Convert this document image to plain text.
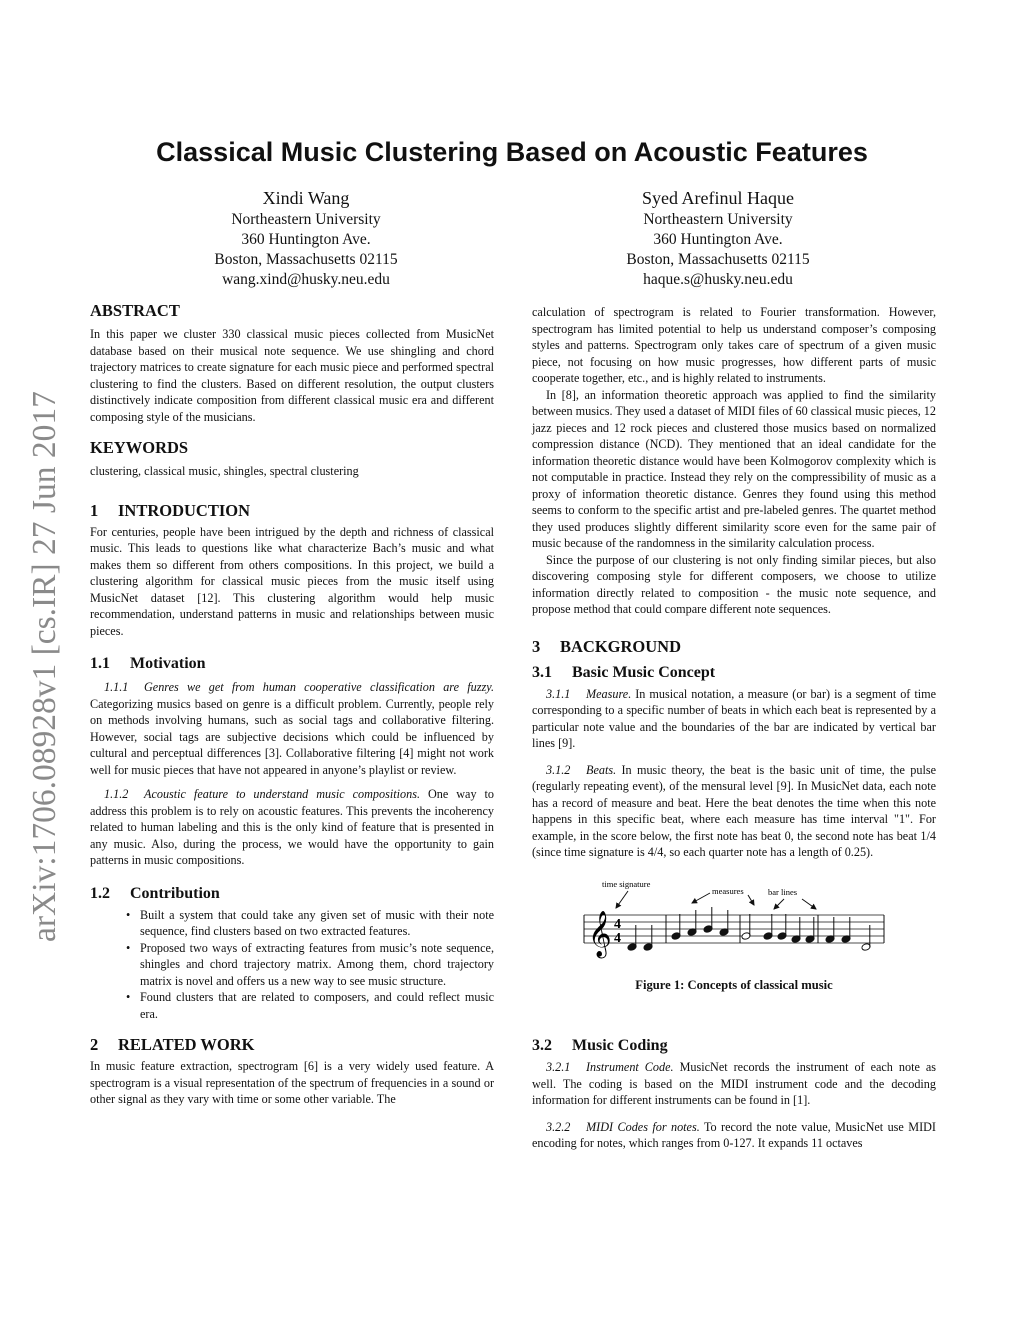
arXiv:1706.08928v1 [cs.IR] 27 Jun 2017
Classical Music Clustering Based on Acoustic Features
Xindi Wang
Northeastern University
360 Huntington Ave.
Boston, Massachusetts 02115
wang.xind@husky.neu.edu
Syed Arefinul Haque
Northeastern University
360 Huntington Ave.
Boston, Massachusetts 02115
haque.s@husky.neu.edu
ABSTRACT

In this paper we cluster 330 classical music pieces collected from MusicNet database based on their musical note sequence. We use shingling and chord trajectory matrices to create signature for each music piece and performed spectral clustering to find the clusters. Based on different resolution, the output clusters distinctively indicate composition from different classical music era and different composing style of the musicians.

KEYWORDS

clustering, classical music, shingles, spectral clustering

1 INTRODUCTION

For centuries, people have been intrigued by the depth and richness of classical music. This leads to questions like what characterize Bach’s music and what makes them so different from others compositions. In this project, we build a clustering algorithm for classical music pieces from the music itself using MusicNet dataset [12]. This clustering algorithm would help music recommendation, understand patterns in music and relationships between music pieces.

1.1 Motivation

1.1.1 Genres we get from human cooperative classification are fuzzy. Categorizing musics based on genre is a difficult problem. Currently, people rely on methods involving humans, such as social tags and collaborative filtering. However, social tags are subjective decisions which could be influenced by cultural and perceptual differences [3]. Collaborative filtering [4] might not work well for music pieces that have not appeared in anyone’s playlist or review.

1.1.2 Acoustic feature to understand music compositions. One way to address this problem is to rely on acoustic features. This prevents the incoherency related to human labeling and this is the only kind of feature that is presented in any music. Also, during the process, we would have the opportunity to gain patterns in music compositions.

1.2 Contribution
• Built a system that could take any given set of music with their note sequence, find clusters based on two extracted features.
• Proposed two ways of extracting features from music’s note sequence, shingles and chord trajectory matrix. Among them, chord trajectory matrix is novel and offers us a new way to see music structure.
• Found clusters that are related to composers, and could reflect music era.
2 RELATED WORK

In music feature extraction, spectrogram [6] is a very widely used feature. A spectrogram is a visual representation of the spectrum of frequencies in a sound or other signal as they vary with time or some other variable. The

calculation of spectrogram is related to Fourier transformation. However, spectrogram has limited potential to help us understand composer’s composing styles and patterns. Spectrogram only takes care of spectrum of a given music piece, not focusing on how music progresses, how different parts of music cooperate together, etc., and is highly related to instruments.

In [8], an information theoretic approach was applied to find the similarity between musics. They used a dataset of MIDI files of 60 classical music pieces, 12 jazz pieces and 12 rock pieces and clustered those musics based on normalized compression distance (NCD). They mentioned that an ideal candidate for the information theoretic distance would have been Kolmogorov complexity which is not computable in practice. Instead they rely on the compressibility of music as a proxy of information theoretic distance. Genres they found using this method seems to conform to the specific artist and pre-labeled genres. The quartet method they used produces slightly different similarity score even for the same pair of music because of the randomness in the similarity calculation process.

Since the purpose of our clustering is not only finding similar pieces, but also discovering composing style for different composers, we choose to utilize information directly related to composition - the music note sequence, and propose method that could compare different note sequences.

3 BACKGROUND
3.1 Basic Music Concept

3.1.1 Measure. In musical notation, a measure (or bar) is a segment of time corresponding to a specific number of beats in which each beat is represented by a particular note value and the boundaries of the bar are indicated by vertical bar lines [9].

3.1.2 Beats. In music theory, the beat is the basic unit of time, the pulse (regularly repeating event), of the mensural level [9]. In MusicNet data, each note has a record of measure and beat. Here the beat denotes the time when this note happens in this specific beat, where each measure has time interval "1". For example, in the score below, the first note has beat 0, the second note has beat 1/4 (since time signature is 4/4, so each quarter note has a length of 0.25).

time signature
measures	bar lines
𝄞 4
4
Figure 1: Concepts of classical music
3.2 Music Coding

3.2.1 Instrument Code. MusicNet records the instrument of each note as well. The coding is based on the MIDI instrument code and the decoding information for different instruments can be found in [1].

3.2.2 MIDI Codes for notes. To record the note value, MusicNet use MIDI encoding for notes, which ranges from 0-127. It expands 11 octaves
